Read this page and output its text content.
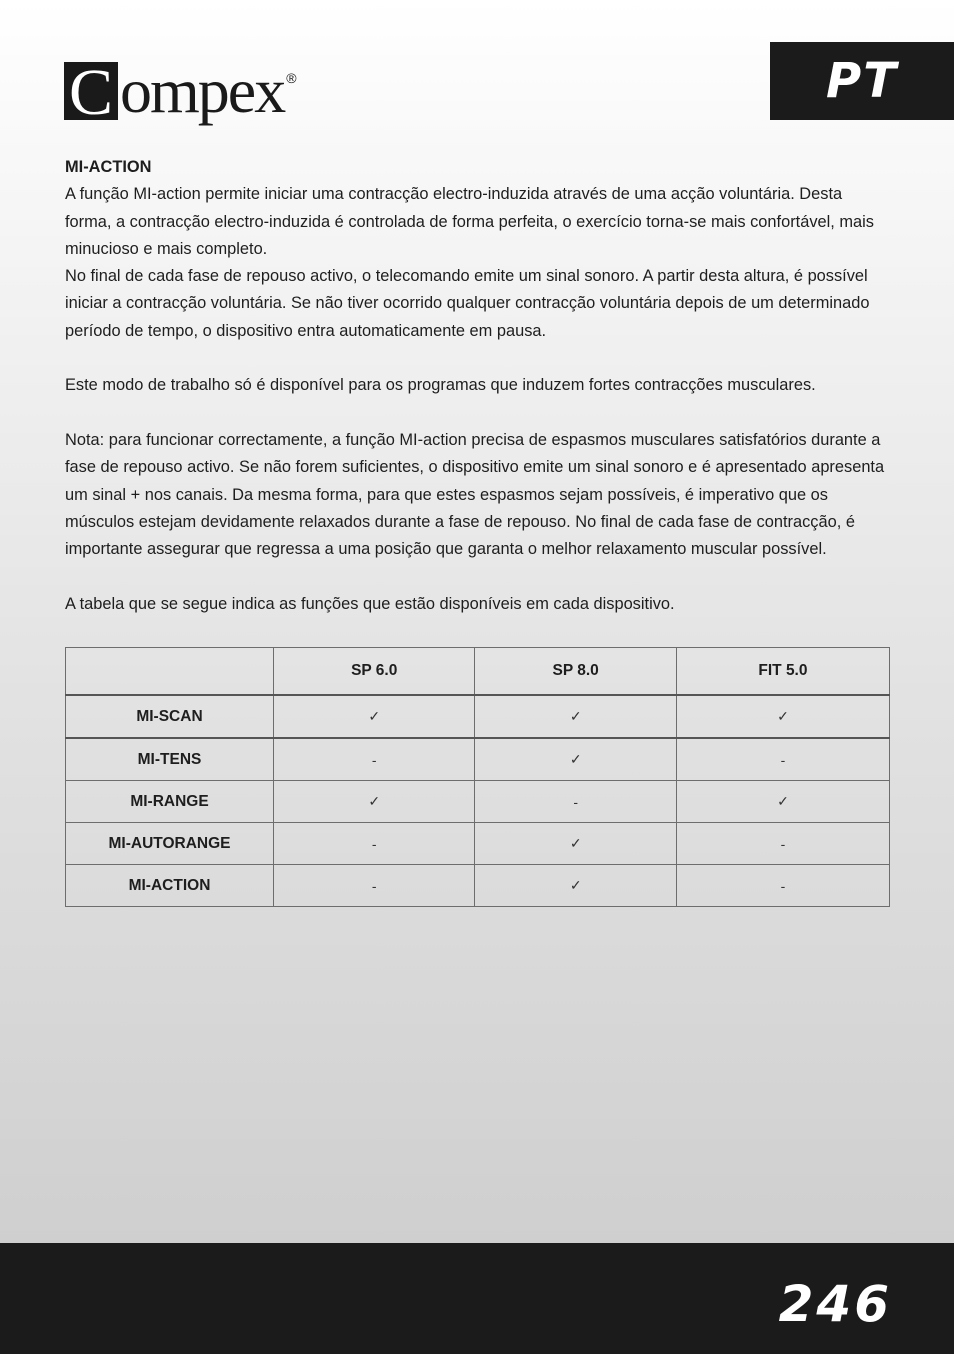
C ompex ®	PT
MI-ACTION

A função MI-action permite iniciar uma contracção electro-induzida através de uma acção voluntária. Desta forma, a contracção electro-induzida é controlada de forma perfeita, o exercício torna-se mais confortável, mais minucioso e mais completo.

No final de cada fase de repouso activo, o telecomando emite um sinal sonoro. A partir desta altura, é possível iniciar a contracção voluntária. Se não tiver ocorrido qualquer contracção voluntária depois de um determinado período de tempo, o dispositivo entra automaticamente em pausa.

Este modo de trabalho só é disponível para os programas que induzem fortes contracções musculares.

Nota: para funcionar correctamente, a função MI-action precisa de espasmos musculares satisfatórios durante a fase de repouso activo. Se não forem suficientes, o dispositivo emite um sinal sonoro e é apresentado apresenta um sinal + nos canais. Da mesma forma, para que estes espasmos sejam possíveis, é imperativo que os músculos estejam devidamente relaxados durante a fase de repouso. No final de cada fase de contracção, é importante assegurar que regressa a uma posição que garanta o melhor relaxamento muscular possível.

A tabela que se segue indica as funções que estão disponíveis em cada dispositivo.

	SP 6.0	SP 8.0	FIT 5.0
MI-SCAN	✓	✓	✓
MI-TENS	-	✓	-
MI-RANGE	✓	-	✓
MI-AUTORANGE	-	✓	-
MI-ACTION	-	✓	-
246
